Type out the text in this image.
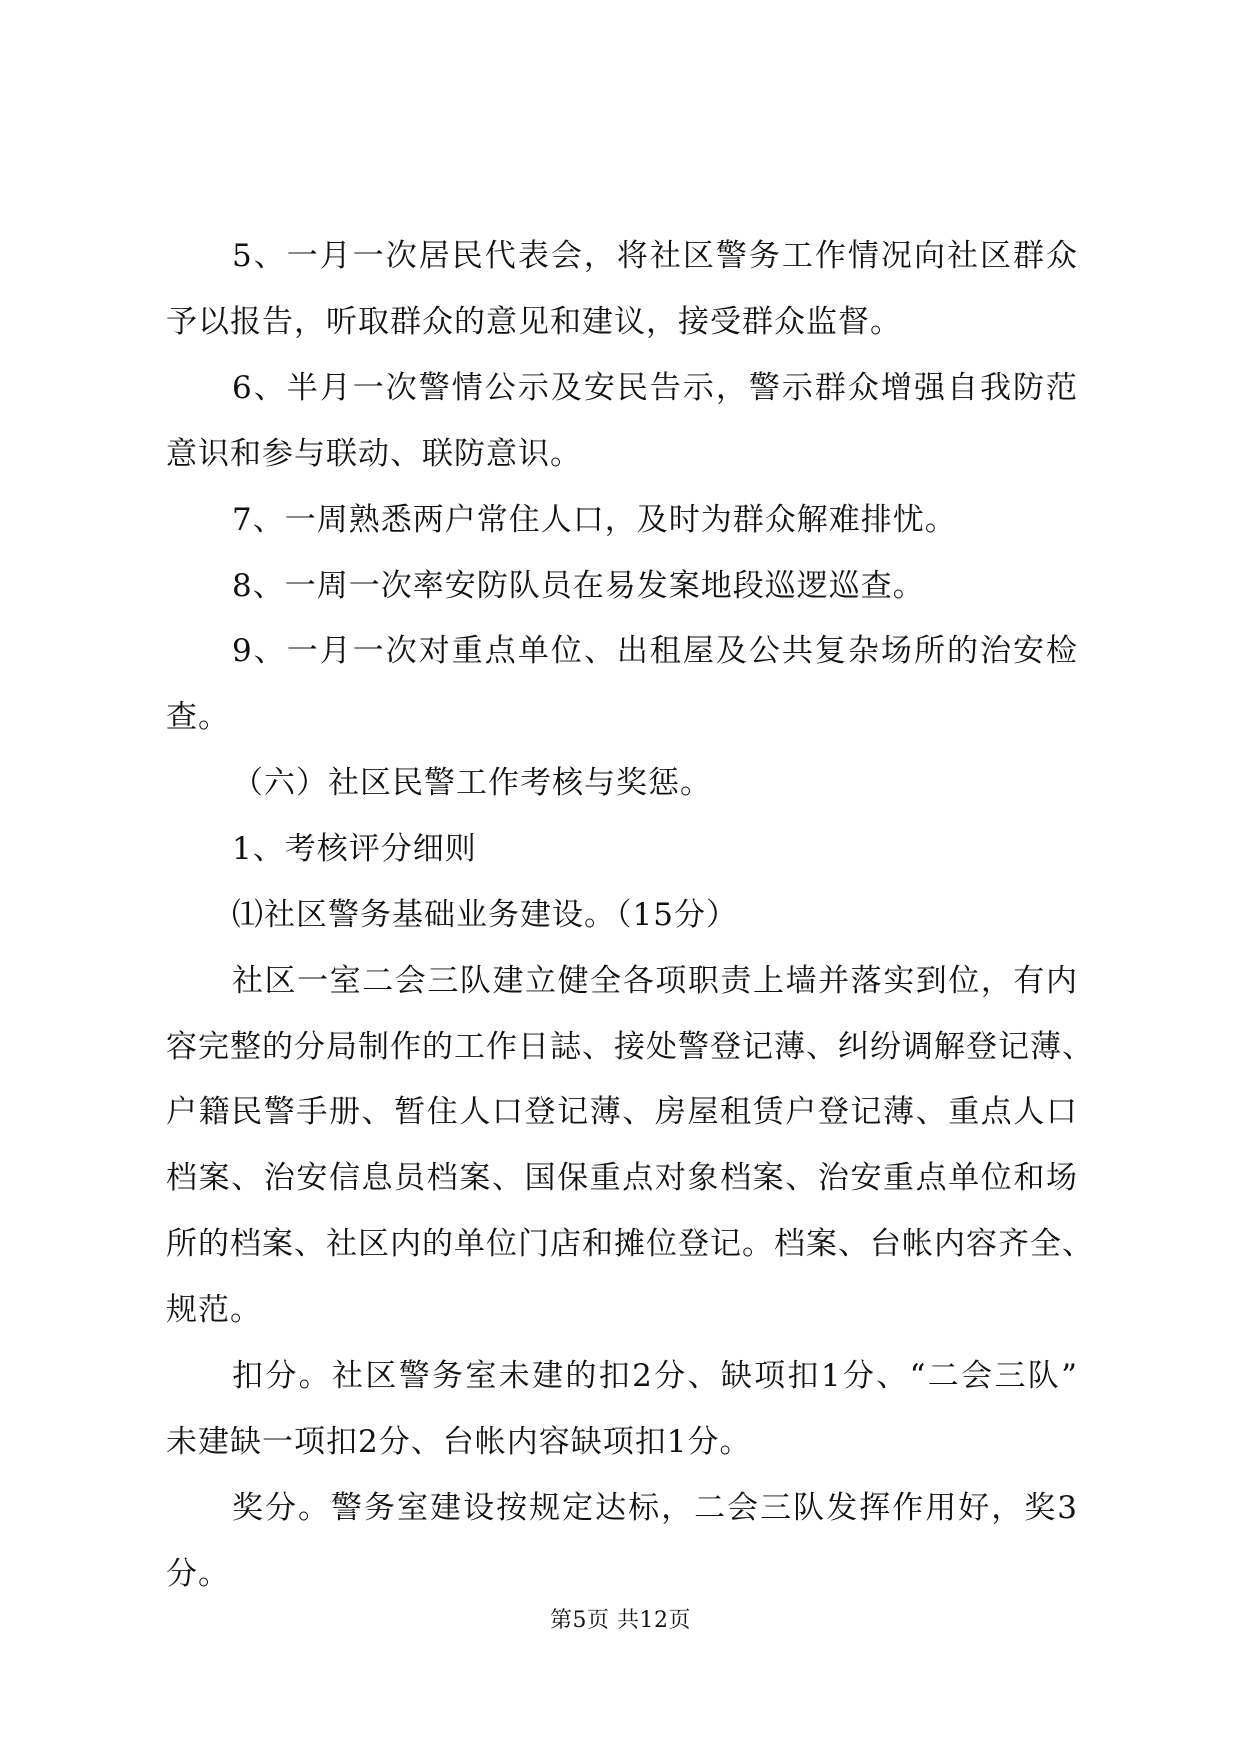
5、一月一次居民代表会，将社区警务工作情况向社区群众
予以报告，听取群众的意见和建议，接受群众监督。
6、半月一次警情公示及安民告示，警示群众增强自我防范
意识和参与联动、联防意识。
7、一周熟悉两户常住人口，及时为群众解难排忧。
8、一周一次率安防队员在易发案地段巡逻巡查。
9、一月一次对重点单位、出租屋及公共复杂场所的治安检
查。
（六）社区民警工作考核与奖惩。
1、考核评分细则
⑴社区警务基础业务建设。（15分）
社区一室二会三队建立健全各项职责上墙并落实到位，有内
容完整的分局制作的工作日誌、接处警登记薄、纠纷调解登记薄、
户籍民警手册、暂住人口登记薄、房屋租赁户登记薄、重点人口
档案、治安信息员档案、国保重点对象档案、治安重点单位和场
所的档案、社区内的单位门店和摊位登记。档案、台帐内容齐全、
规范。
扣分。社区警务室未建的扣2分、缺项扣1分、“二会三队”
未建缺一项扣2分、台帐内容缺项扣1分。
奖分。警务室建设按规定达标，二会三队发挥作用好，奖3
分。
第5页 共12页
